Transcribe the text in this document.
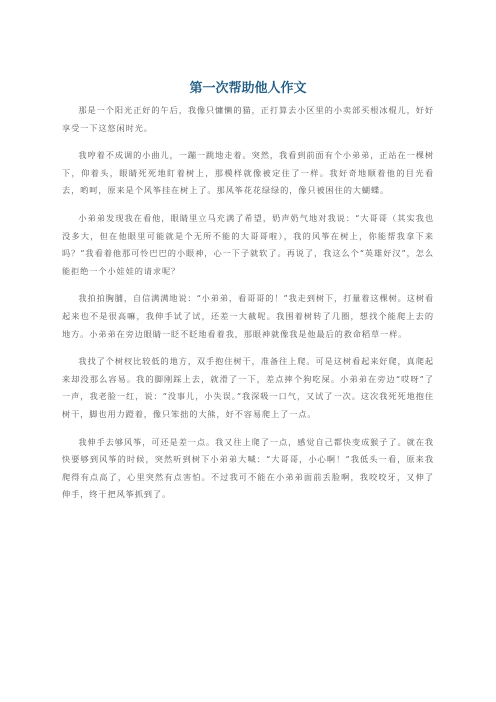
第一次帮助他人作文

那是一个阳光正好的午后，我像只慵懒的猫，正打算去小区里的小卖部买根冰棍儿，好好享受一下这悠闲时光。

我哼着不成调的小曲儿，一蹦一跳地走着。突然，我看到前面有个小弟弟，正站在一棵树下，仰着头，眼睛死死地盯着树上，那模样就像被定住了一样。我好奇地顺着他的目光看去，哟呵，原来是个风筝挂在树上了。那风筝花花绿绿的，像只被困住的大蝴蝶。

小弟弟发现我在看他，眼睛里立马充满了希望，奶声奶气地对我说：“大哥哥（其实我也没多大，但在他眼里可能就是个无所不能的大哥哥啦），我的风筝在树上，你能帮我拿下来吗？”我看着他那可怜巴巴的小眼神，心一下子就软了。再说了，我这么个“英雄好汉”，怎么能拒绝一个小娃娃的请求呢？

我拍拍胸脯，自信满满地说：“小弟弟，看哥哥的！”我走到树下，打量着这棵树。这树看起来也不是很高嘛，我伸手试了试，还差一大截呢。我围着树转了几圈，想找个能爬上去的地方。小弟弟在旁边眼睛一眨不眨地看着我，那眼神就像我是他最后的救命稻草一样。

我找了个树杈比较低的地方，双手抱住树干，准备往上爬。可是这树看起来好爬，真爬起来却没那么容易。我的脚刚踩上去，就滑了一下，差点摔个狗吃屎。小弟弟在旁边“哎呀”了一声，我老脸一红，说：“没事儿，小失误。”我深吸一口气，又试了一次。这次我死死地抱住树干，脚也用力蹬着，像只笨拙的大熊，好不容易爬上了一点。

我伸手去够风筝，可还是差一点。我又往上爬了一点，感觉自己都快变成猴子了。就在我快要够到风筝的时候，突然听到树下小弟弟大喊：“大哥哥，小心啊！”我低头一看，原来我爬得有点高了，心里突然有点害怕。不过我可不能在小弟弟面前丢脸啊，我咬咬牙，又伸了伸手，终于把风筝抓到了。
